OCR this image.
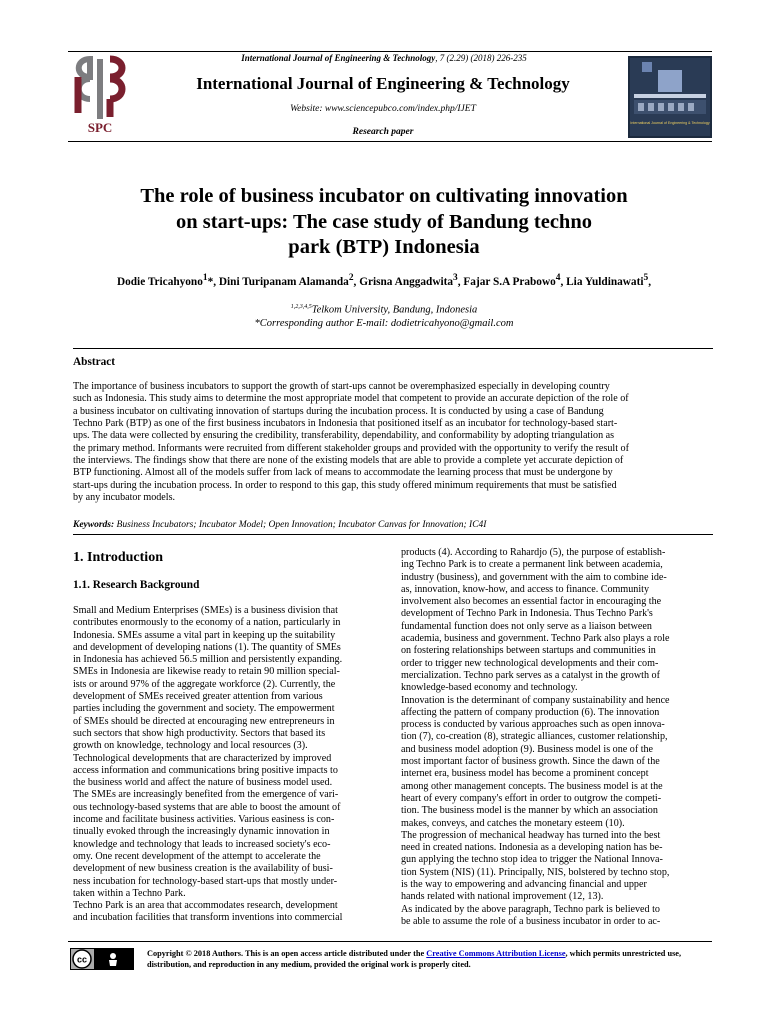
International Journal of Engineering & Technology, 7 (2.29) (2018) 226-235
SPC
International Journal of Engineering & Technology
Website: www.sciencepubco.com/index.php/IJET
Research paper
International Journal of Engineering & Technology
The role of business incubator on cultivating innovation
on start-ups: The case study of Bandung techno
park (BTP) Indonesia
Dodie Tricahyono$^1$*, Dini Turipanam Alamanda$^2$, Grisna Anggadwita$^3$, Fajar S.A Prabowo$^4$, Lia Yuldinawati$^5$,
$^{1,2,3,4,5}$Telkom University, Bandung, Indonesia
*Corresponding author E-mail: dodietricahyono@gmail.com
Abstract
The importance of business incubators to support the growth of start-ups cannot be overemphasized especially in developing country
such as Indonesia. This study aims to determine the most appropriate model that competent to provide an accurate depiction of the role of
a business incubator on cultivating innovation of startups during the incubation process. It is conducted by using a case of Bandung
Techno Park (BTP) as one of the first business incubators in Indonesia that positioned itself as an incubator for technology-based start-
ups. The data were collected by ensuring the credibility, transferability, dependability, and conformability by adopting triangulation as
the primary method. Informants were recruited from different stakeholder groups and provided with the opportunity to verify the result of
the interviews. The findings show that there are none of the existing models that are able to provide a complete yet accurate depiction of
BTP functioning. Almost all of the models suffer from lack of means to accommodate the learning process that must be undergone by
start-ups during the incubation process. In order to respond to this gap, this study offered minimum requirements that must be satisfied
by any incubator models.
Keywords: Business Incubators; Incubator Model; Open Innovation; Incubator Canvas for Innovation; IC4I
1. Introduction
1.1. Research Background
Small and Medium Enterprises (SMEs) is a business division that
contributes enormously to the economy of a nation, particularly in
Indonesia. SMEs assume a vital part in keeping up the suitability
and development of developing nations (1). The quantity of SMEs
in Indonesia has achieved 56.5 million and persistently expanding.
SMEs in Indonesia are likewise ready to retain 90 million special-
ists or around 97% of the aggregate workforce (2). Currently, the
development of SMEs received greater attention from various
parties including the government and society. The empowerment
of SMEs should be directed at encouraging new entrepreneurs in
such sectors that show high productivity. Sectors that based its
growth on knowledge, technology and local resources (3).
Technological developments that are characterized by improved
access information and communications bring positive impacts to
the business world and affect the nature of business model used.
The SMEs are increasingly benefited from the emergence of vari-
ous technology-based systems that are able to boost the amount of
income and facilitate business activities. Various easiness is con-
tinually evoked through the increasingly dynamic innovation in
knowledge and technology that leads to increased society's eco-
omy. One recent development of the attempt to accelerate the
development of new business creation is the availability of busi-
ness incubation for technology-based start-ups that mostly under-
taken within a Techno Park.
Techno Park is an area that accommodates research, development
and incubation facilities that transform inventions into commercial
products (4). According to Rahardjo (5), the purpose of establish-
ing Techno Park is to create a permanent link between academia,
industry (business), and government with the aim to combine ide-
as, innovation, know-how, and access to finance. Community
involvement also becomes an essential factor in encouraging the
development of Techno Park in Indonesia. Thus Techno Park's
fundamental function does not only serve as a liaison between
academia, business and government. Techno Park also plays a role
on fostering relationships between startups and communities in
order to trigger new technological developments and their com-
mercialization. Techno park serves as a catalyst in the growth of
knowledge-based economy and technology.
Innovation is the determinant of company sustainability and hence
affecting the pattern of company production (6). The innovation
process is conducted by various approaches such as open innova-
tion (7), co-creation (8), strategic alliances, customer relationship,
and business model adoption (9). Business model is one of the
most important factor of business growth. Since the dawn of the
internet era, business model has become a prominent concept
among other management concepts. The business model is at the
heart of every company's effort in order to outgrow the competi-
tion. The business model is the manner by which an association
makes, conveys, and catches the monetary esteem (10).
The progression of mechanical headway has turned into the best
need in created nations. Indonesia as a developing nation has be-
gun applying the techno stop idea to trigger the National Innova-
tion System (NIS) (11). Principally, NIS, bolstered by techno stop,
is the way to empowering and advancing financial and upper
hands related with national improvement (12, 13).
As indicated by the above paragraph, Techno park is believed to
be able to assume the role of a business incubator in order to ac-
cc
Copyright © 2018 Authors. This is an open access article distributed under the Creative Commons Attribution License, which permits unrestricted use, distribution, and reproduction in any medium, provided the original work is properly cited.
